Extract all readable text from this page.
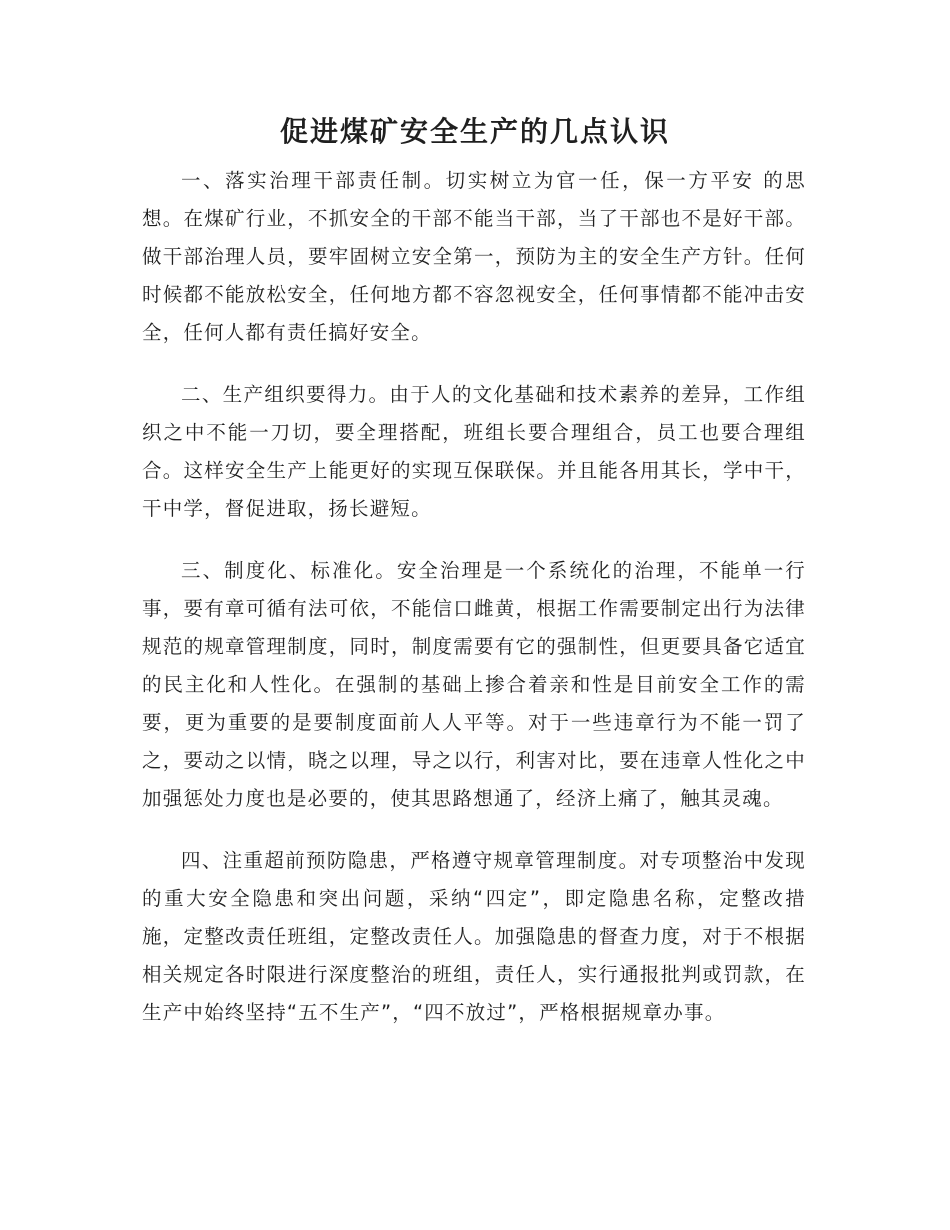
促进煤矿安全生产的几点认识

一、落实治理干部责任制。切实树立为官一任，保一方平安 的思想。在煤矿行业，不抓安全的干部不能当干部，当了干部也不是好干部。做干部治理人员，要牢固树立安全第一，预防为主的安全生产方针。任何时候都不能放松安全，任何地方都不容忽视安全，任何事情都不能冲击安全，任何人都有责任搞好安全。

二、生产组织要得力。由于人的文化基础和技术素养的差异，工作组织之中不能一刀切，要全理搭配，班组长要合理组合，员工也要合理组合。这样安全生产上能更好的实现互保联保。并且能各用其长，学中干，干中学，督促进取，扬长避短。

三、制度化、标准化。安全治理是一个系统化的治理，不能单一行事，要有章可循有法可依，不能信口雌黄，根据工作需要制定出行为法律规范的规章管理制度，同时，制度需要有它的强制性，但更要具备它适宜的民主化和人性化。在强制的基础上掺合着亲和性是目前安全工作的需要，更为重要的是要制度面前人人平等。对于一些违章行为不能一罚了之，要动之以情，晓之以理，导之以行，利害对比，要在违章人性化之中加强惩处力度也是必要的，使其思路想通了，经济上痛了，触其灵魂。

四、注重超前预防隐患，严格遵守规章管理制度。对专项整治中发现的重大安全隐患和突出问题，采纳“四定”，即定隐患名称，定整改措施，定整改责任班组，定整改责任人。加强隐患的督查力度，对于不根据相关规定各时限进行深度整治的班组，责任人，实行通报批判或罚款，在生产中始终坚持“五不生产”，“四不放过”，严格根据规章办事。
